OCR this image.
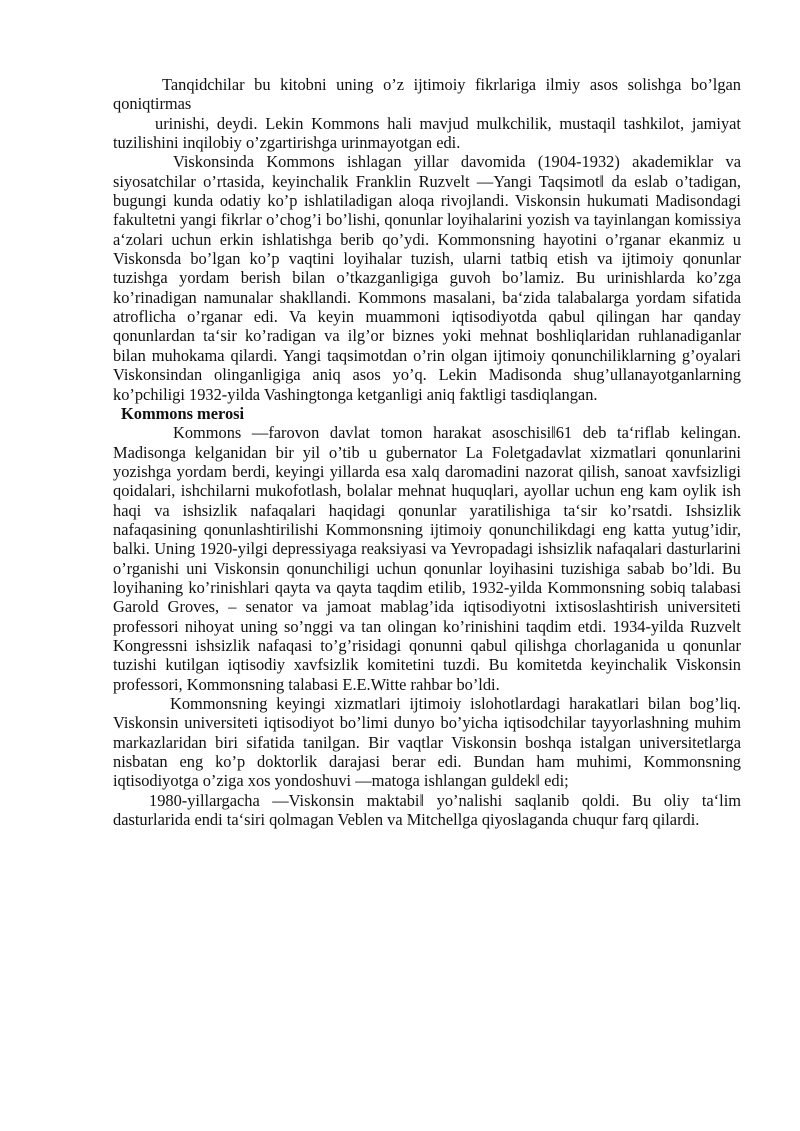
Tanqidchilar bu kitobni uning o’z ijtimoiy fikrlariga ilmiy asos solishga bo’lgan qoniqtirmas

urinishi, deydi. Lekin Kommons hali mavjud mulkchilik, mustaqil tashkilot, jamiyat tuzilishini inqilobiy o’zgartirishga urinmayotgan edi.

Viskonsinda Kommons ishlagan yillar davomida (1904-1932) akademiklar va siyosatchilar o’rtasida, keyinchalik Franklin Ruzvelt ―Yangi Taqsimot‖ da eslab o’tadigan, bugungi kunda odatiy ko’p ishlatiladigan aloqa rivojlandi. Viskonsin hukumati Madisondagi fakultetni yangi fikrlar o’chog’i bo’lishi, qonunlar loyihalarini yozish va tayinlangan komissiya a‘zolari uchun erkin ishlatishga berib qo’ydi. Kommonsning hayotini o’rganar ekanmiz u Viskonsda bo’lgan ko’p vaqtini loyihalar tuzish, ularni tatbiq etish va ijtimoiy qonunlar tuzishga yordam berish bilan o’tkazganligiga guvoh bo’lamiz. Bu urinishlarda ko’zga ko’rinadigan namunalar shakllandi. Kommons masalani, ba‘zida talabalarga yordam sifatida atroflicha o’rganar edi. Va keyin muammoni iqtisodiyotda qabul qilingan har qanday qonunlardan ta‘sir ko’radigan va ilg’or biznes yoki mehnat boshliqlaridan ruhlanadiganlar bilan muhokama qilardi. Yangi taqsimotdan o’rin olgan ijtimoiy qonunchiliklarning g’oyalari Viskonsindan olinganligiga aniq asos yo’q. Lekin Madisonda shug’ullanayotganlarning ko’pchiligi 1932-yilda Vashingtonga ketganligi aniq faktligi tasdiqlangan.

Kommons merosi

Kommons ―farovon davlat tomon harakat asoschisi‖61 deb ta‘riflab kelingan. Madisonga kelganidan bir yil o’tib u gubernator La Foletgadavlat xizmatlari qonunlarini yozishga yordam berdi, keyingi yillarda esa xalq daromadini nazorat qilish, sanoat xavfsizligi qoidalari, ishchilarni mukofotlash, bolalar mehnat huquqlari, ayollar uchun eng kam oylik ish haqi va ishsizlik nafaqalari haqidagi qonunlar yaratilishiga ta‘sir ko’rsatdi. Ishsizlik nafaqasining qonunlashtirilishi Kommonsning ijtimoiy qonunchilikdagi eng katta yutug’idir, balki. Uning 1920-yilgi depressiyaga reaksiyasi va Yevropadagi ishsizlik nafaqalari dasturlarini o’rganishi uni Viskonsin qonunchiligi uchun qonunlar loyihasini tuzishiga sabab bo’ldi. Bu loyihaning ko’rinishlari qayta va qayta taqdim etilib, 1932-yilda Kommonsning sobiq talabasi Garold Groves, – senator va jamoat mablag’ida iqtisodiyotni ixtisoslashtirish universiteti professori nihoyat uning so’nggi va tan olingan ko’rinishini taqdim etdi. 1934-yilda Ruzvelt Kongressni ishsizlik nafaqasi to’g’risidagi qonunni qabul qilishga chorlaganida u qonunlar tuzishi kutilgan iqtisodiy xavfsizlik komitetini tuzdi. Bu komitetda keyinchalik Viskonsin professori, Kommonsning talabasi E.E.Witte rahbar bo’ldi.

Kommonsning keyingi xizmatlari ijtimoiy islohotlardagi harakatlari bilan bog’liq. Viskonsin universiteti iqtisodiyot bo’limi dunyo bo’yicha iqtisodchilar tayyorlashning muhim markazlaridan biri sifatida tanilgan. Bir vaqtlar Viskonsin boshqa istalgan universitetlarga nisbatan eng ko’p doktorlik darajasi berar edi. Bundan ham muhimi, Kommonsning iqtisodiyotga o’ziga xos yondoshuvi ―matoga ishlangan guldek‖ edi;

1980-yillargacha ―Viskonsin maktabi‖ yo’nalishi saqlanib qoldi. Bu oliy ta‘lim dasturlarida endi ta‘siri qolmagan Veblen va Mitchellga qiyoslaganda chuqur farq qilardi.
